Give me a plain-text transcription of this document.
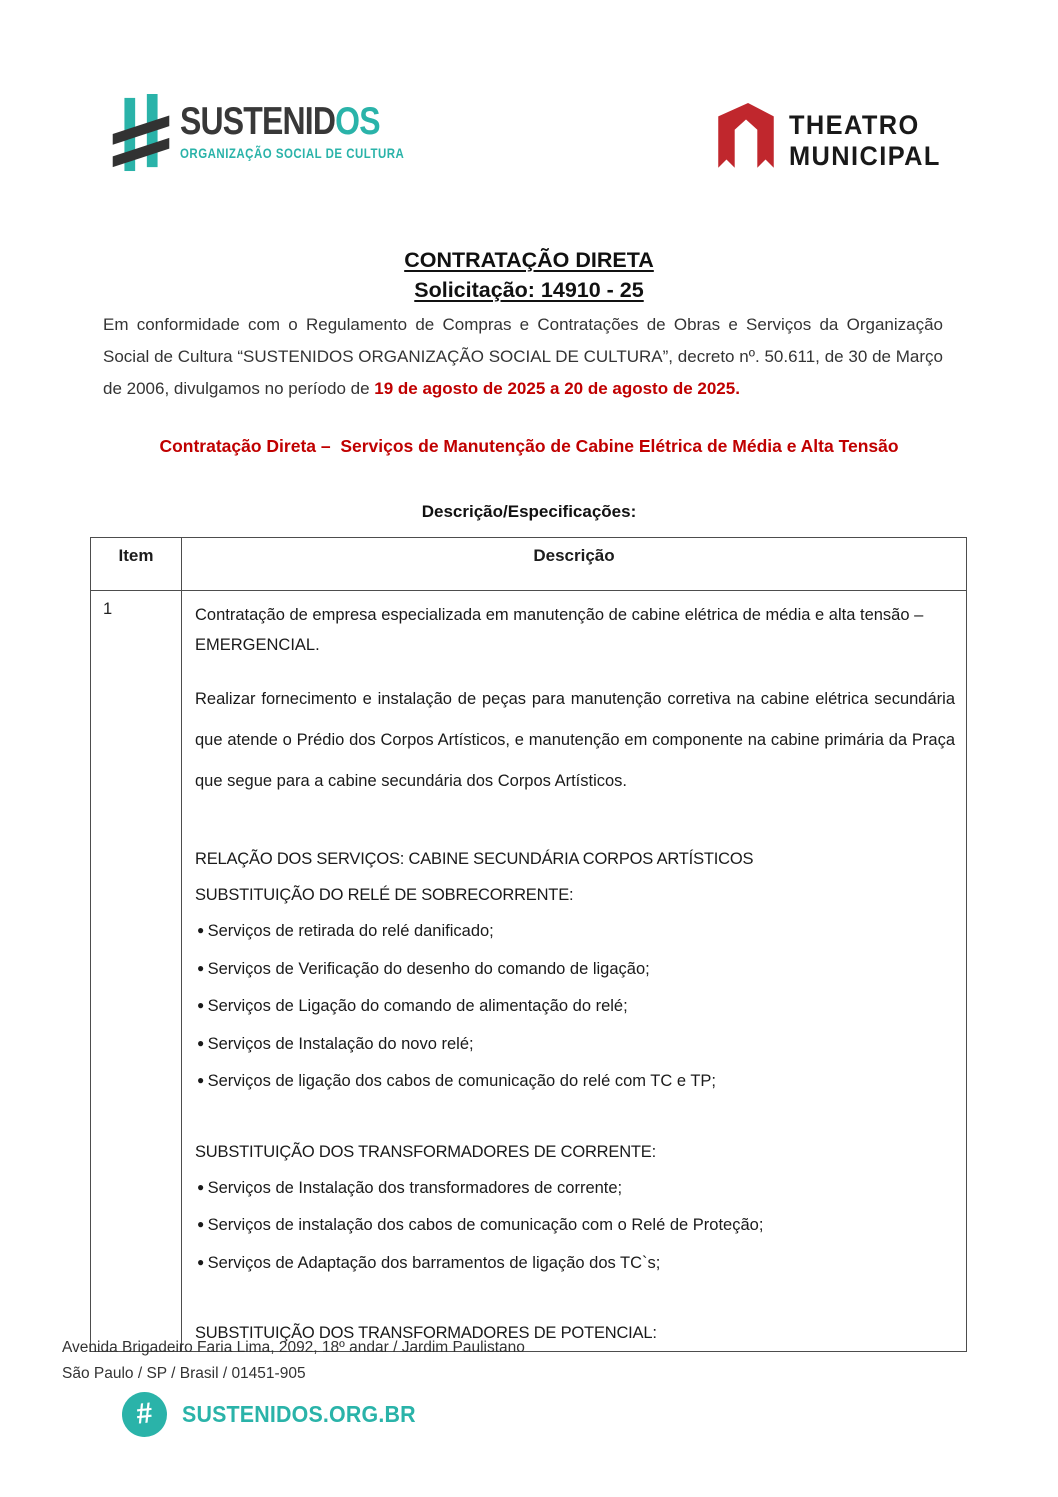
SUSTENIDOS
ORGANIZAÇÃO SOCIAL DE CULTURA
THEATRO
MUNICIPAL
CONTRATAÇÃO DIRETA
Solicitação: 14910 - 25

Em conformidade com o Regulamento de Compras e Contratações de Obras e Serviços da Organização Social de Cultura “SUSTENIDOS ORGANIZAÇÃO SOCIAL DE CULTURA”, decreto nº. 50.611, de 30 de Março de 2006, divulgamos no período de 19 de agosto de 2025 a 20 de agosto de 2025.

Contratação Direta –  Serviços de Manutenção de Cabine Elétrica de Média e Alta Tensão
Descrição/Especificações:
Item	Descrição
1	Contratação de empresa especializada em manutenção de cabine elétrica de média e alta tensão – EMERGENCIAL.

Realizar fornecimento e instalação de peças para manutenção corretiva na cabine elétrica secundária que atende o Prédio dos Corpos Artísticos, e manutenção em componente na cabine primária da Praça que segue para a cabine secundária dos Corpos Artísticos.

RELAÇÃO DOS SERVIÇOS: CABINE SECUNDÁRIA CORPOS ARTÍSTICOS
SUBSTITUIÇÃO DO RELÉ DE SOBRECORRENTE:
● Serviços de retirada do relé danificado;
● Serviços de Verificação do desenho do comando de ligação;
● Serviços de Ligação do comando de alimentação do relé;
● Serviços de Instalação do novo relé;
● Serviços de ligação dos cabos de comunicação do relé com TC e TP;
SUBSTITUIÇÃO DOS TRANSFORMADORES DE CORRENTE:
● Serviços de Instalação dos transformadores de corrente;
● Serviços de instalação dos cabos de comunicação com o Relé de Proteção;
● Serviços de Adaptação dos barramentos de ligação dos TC`s;
SUBSTITUIÇÃO DOS TRANSFORMADORES DE POTENCIAL:
Avenida Brigadeiro Faria Lima, 2092, 18º andar / Jardim Paulistano
São Paulo / SP / Brasil / 01451-905
# SUSTENIDOS.ORG.BR
